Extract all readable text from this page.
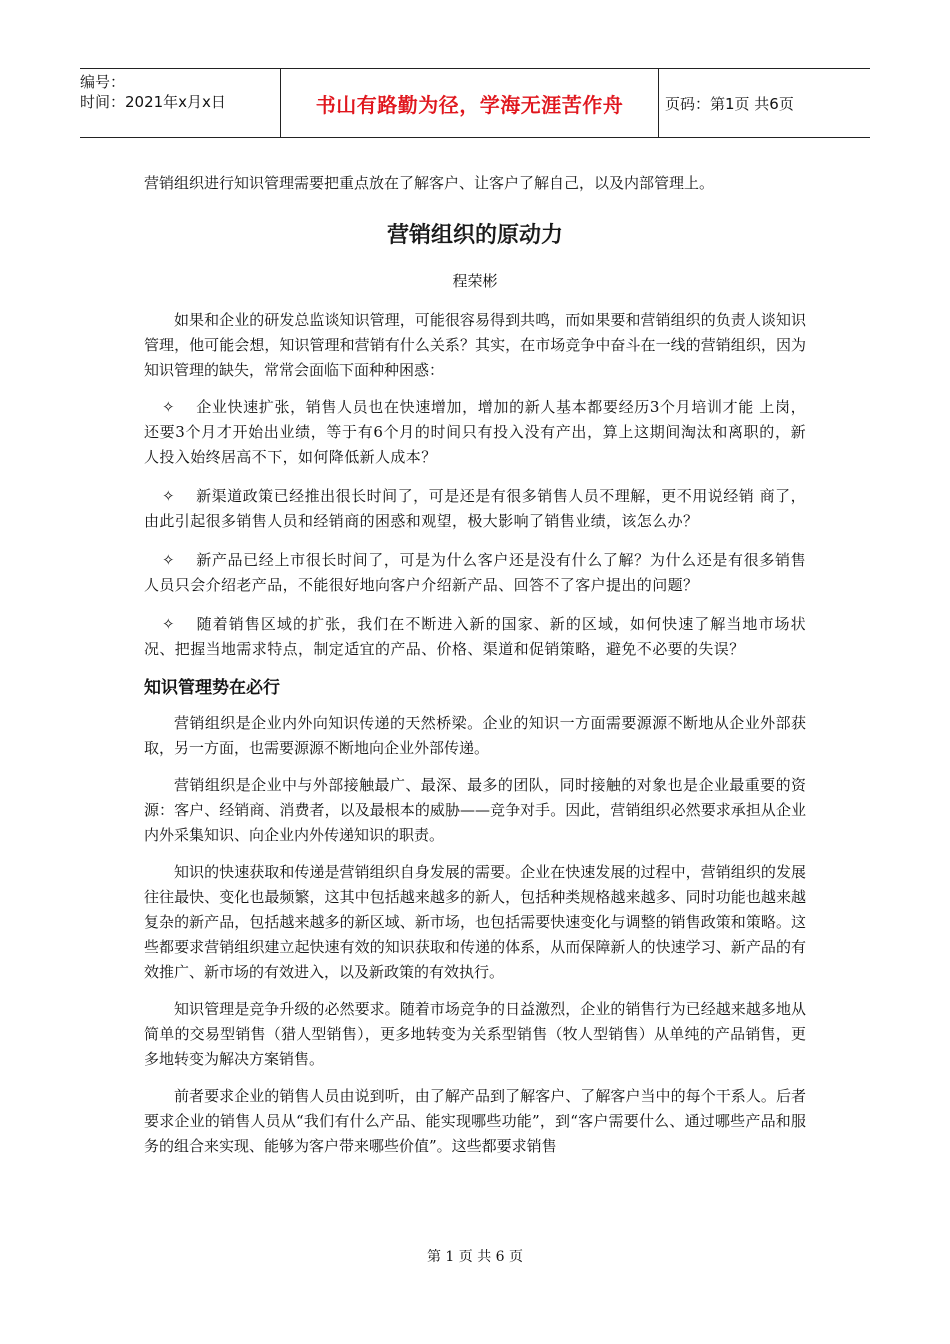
编号：
时间：2021年x月x日	书山有路勤为径，学海无涯苦作舟	页码：第1页 共6页
营销组织进行知识管理需要把重点放在了解客户、让客户了解自己，以及内部管理上。
营销组织的原动力
程荣彬

如果和企业的研发总监谈知识管理，可能很容易得到共鸣，而如果要和营销组织的负责人谈知识管理，他可能会想，知识管理和营销有什么关系？其实，在市场竞争中奋斗在一线的营销组织，因为知识管理的缺失，常常会面临下面种种困惑：

✧ 企业快速扩张，销售人员也在快速增加，增加的新人基本都要经历3个月培训才能 上岗，还要3个月才开始出业绩，等于有6个月的时间只有投入没有产出，算上这期间淘汰和离职的，新人投入始终居高不下，如何降低新人成本？

✧ 新渠道政策已经推出很长时间了，可是还是有很多销售人员不理解，更不用说经销 商了，由此引起很多销售人员和经销商的困惑和观望，极大影响了销售业绩，该怎么办？

✧ 新产品已经上市很长时间了，可是为什么客户还是没有什么了解？为什么还是有很多销售人员只会介绍老产品，不能很好地向客户介绍新产品、回答不了客户提出的问题？

✧ 随着销售区域的扩张，我们在不断进入新的国家、新的区域，如何快速了解当地市场状况、把握当地需求特点，制定适宜的产品、价格、渠道和促销策略，避免不必要的失误？

知识管理势在必行

营销组织是企业内外向知识传递的天然桥梁。企业的知识一方面需要源源不断地从企业外部获取，另一方面，也需要源源不断地向企业外部传递。

营销组织是企业中与外部接触最广、最深、最多的团队，同时接触的对象也是企业最重要的资源：客户、经销商、消费者，以及最根本的威胁——竞争对手。因此，营销组织必然要求承担从企业内外采集知识、向企业内外传递知识的职责。

知识的快速获取和传递是营销组织自身发展的需要。企业在快速发展的过程中，营销组织的发展往往最快、变化也最频繁，这其中包括越来越多的新人，包括种类规格越来越多、同时功能也越来越复杂的新产品，包括越来越多的新区域、新市场，也包括需要快速变化与调整的销售政策和策略。这些都要求营销组织建立起快速有效的知识获取和传递的体系，从而保障新人的快速学习、新产品的有效推广、新市场的有效进入，以及新政策的有效执行。

知识管理是竞争升级的必然要求。随着市场竞争的日益激烈，企业的销售行为已经越来越多地从简单的交易型销售（猎人型销售），更多地转变为关系型销售（牧人型销售）从单纯的产品销售，更多地转变为解决方案销售。

前者要求企业的销售人员由说到听，由了解产品到了解客户、了解客户当中的每个干系人。后者要求企业的销售人员从“我们有什么产品、能实现哪些功能”，到“客户需要什么、通过哪些产品和服务的组合来实现、能够为客户带来哪些价值”。这些都要求销售

第 1 页 共 6 页
